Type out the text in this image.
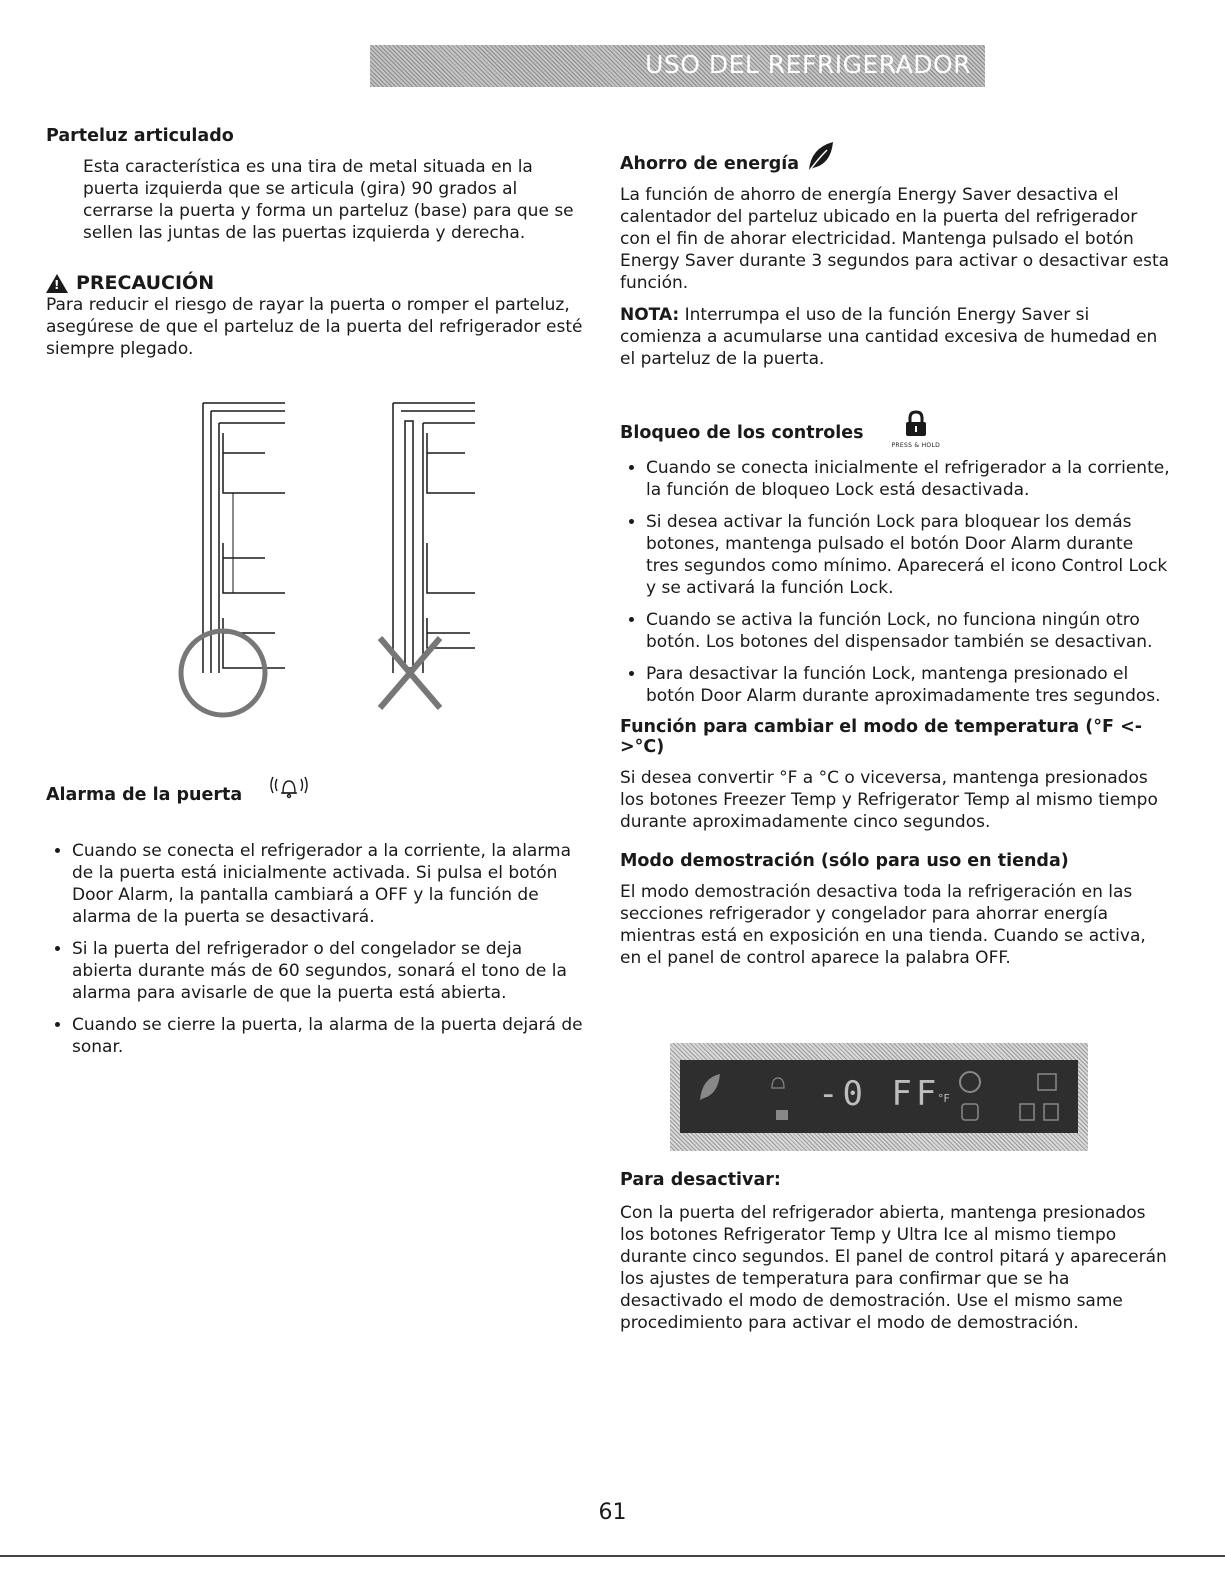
USO DEL REFRIGERADOR
Parteluz articulado

Esta característica es una tira de metal situada en la puerta izquierda que se articula (gira) 90 grados al cerrarse la puerta y forma un parteluz (base) para que se sellen las juntas de las puertas izquierda y derecha.

! PRECAUCIÓN

Para reducir el riesgo de rayar la puerta o romper el parteluz, asegúrese de que el parteluz de la puerta del refrigerador esté siempre plegado.

Alarma de la puerta
• Cuando se conecta el refrigerador a la corriente, la alarma de la puerta está inicialmente activada. Si pulsa el botón Door Alarm, la pantalla cambiará a OFF y la función de alarma de la puerta se desactivará.
• Si la puerta del refrigerador o del congelador se deja abierta durante más de 60 segundos, sonará el tono de la alarma para avisarle de que la puerta está abierta.
• Cuando se cierre la puerta, la alarma de la puerta dejará de sonar.
Ahorro de energía

La función de ahorro de energía Energy Saver desactiva el calentador del parteluz ubicado en la puerta del refrigerador con el fin de ahorar electricidad. Mantenga pulsado el botón Energy Saver durante 3 segundos para activar o desactivar esta función.

NOTA: Interrumpa el uso de la función Energy Saver si comienza a acumularse una cantidad excesiva de humedad en el parteluz de la puerta.

Bloqueo de los controles
PRESS & HOLD
• Cuando se conecta inicialmente el refrigerador a la corriente, la función de bloqueo Lock está desactivada.
• Si desea activar la función Lock para bloquear los demás botones, mantenga pulsado el botón Door Alarm durante tres segundos como mínimo. Aparecerá el icono Control Lock y se activará la función Lock.
• Cuando se activa la función Lock, no funciona ningún otro botón. Los botones del dispensador también se desactivan.
• Para desactivar la función Lock, mantenga presionado el botón Door Alarm durante aproximadamente tres segundos.
Función para cambiar el modo de temperatura (°F <->°C)

Si desea convertir °F a °C o viceversa, mantenga presionados los botones Freezer Temp y Refrigerator Temp al mismo tiempo durante aproximadamente cinco segundos.

Modo demostración (sólo para uso en tienda)

El modo demostración desactiva toda la refrigeración en las secciones refrigerador y congelador para ahorrar energía mientras está en exposición en una tienda. Cuando se activa, en el panel de control aparece la palabra OFF.

-0 FF
°F
Para desactivar:

Con la puerta del refrigerador abierta, mantenga presionados los botones Refrigerator Temp y Ultra Ice al mismo tiempo durante cinco segundos. El panel de control pitará y aparecerán los ajustes de temperatura para confirmar que se ha desactivado el modo de demostración. Use el mismo same procedimiento para activar el modo de demostración.

61
